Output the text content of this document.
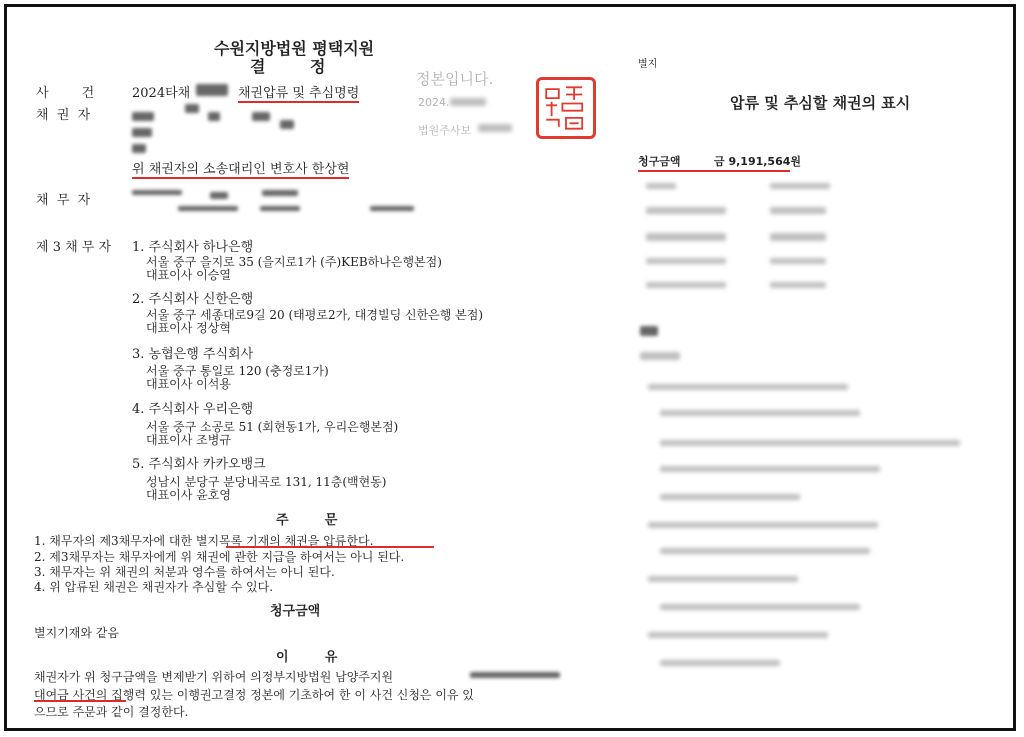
수원지방법원 평택지원
결        정
사        건	2024타채	채권압류 및 추심명령
채  권  자
위 채권자의 소송대리인 변호사 한상현
채  무  자
제 3 채 무 자 1. 주식회사 하나은행
서울 중구 을지로 35 (을지로1가 (주)KEB하나은행본점)
대표이사 이승열
2. 주식회사 신한은행
서울 중구 세종대로9길 20 (태평로2가, 대경빌딩 신한은행 본점)
대표이사 정상혁
3. 농협은행 주식회사
서울 중구 통일로 120 (충정로1가)
대표이사 이석용
4. 주식회사 우리은행
서울 중구 소공로 51 (회현동1가, 우리은행본점)
대표이사 조병규
5. 주식회사 카카오뱅크
성남시 분당구 분당내곡로 131, 11층(백현동)
대표이사 윤호영
주        문
1. 채무자의 제3채무자에 대한 별지목록 기재의 채권을 압류한다.
2. 제3채무자는 채무자에게 위 채권에 관한 지급을 하여서는 아니 된다.
3. 채무자는 위 채권의 처분과 영수를 하여서는 아니 된다.
4. 위 압류된 채권은 채권자가 추심할 수 있다.
청구금액
별지기재와 같음
이        유
채권자가 위 청구금액을 변제받기 위하여 의정부지방법원 남양주지원
대여금 사건의 집행력 있는 이행권고결정 정본에 기초하여 한 이 사건 신청은 이유 있
으므로 주문과 같이 결정한다.
정본입니다.
2024.
법원주사보
별지
압류 및 추심할 채권의 표시
청구금액	금 9,191,564원
